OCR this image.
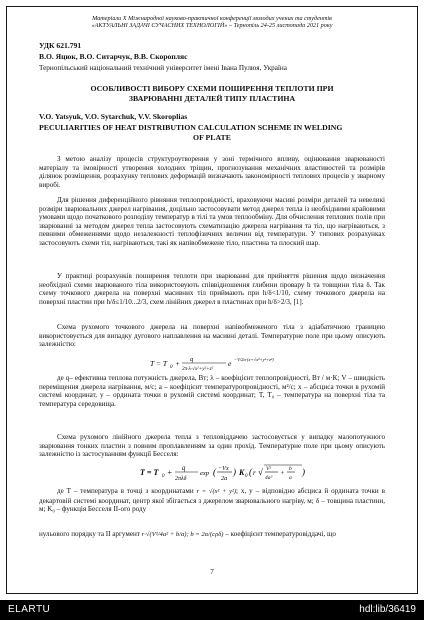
Матеріали Х Міжнародної науково-практичної конференції молодих учених та студентів
«АКТУАЛЬНІ ЗАДАЧІ СУЧАСНИХ ТЕХНОЛОГІЙ» – Тернопіль 24-25 листопада 2021 року
УДК 621.791
В.О. Яцюк, В.О. Ситарчук, В.В. Скоропляс
Тернопільський національний технічний університет імені Івана Пулюя, Україна
ОСОБЛИВОСТІ ВИБОРУ СХЕМИ ПОШИРЕННЯ ТЕПЛОТИ ПРИ
ЗВАРЮВАННІ ДЕТАЛЕЙ ТИПУ ПЛАСТИНА
V.O. Yatsyuk, V.O. Sytarchuk, V.V. Skoroplias
PECULIARITIES OF HEAT DISTRIBUTION CALCULATION SCHEME IN WELDING
OF PLATE
З метою аналізу процесів структуроутворення у зоні термічного впливу, оцінювання зварюваності матеріалу та імовірності утворення холодних тріщин, прогнозування механічних властивостей та розмірів ділянок розміщення, розрахунку теплових деформацій визначають закономірності теплових процесів у зварному виробі.
Для рішення диференційного рівняння теплопровідності, враховуючи масиві розміри деталей та невеликі розміри зварювальних джерел нагрівання, доцільно застосовувати метод джерел тепла із необхідними крайовими умовами щодо початкового розподілу температур в тілі та умов теплообміну. Для обчислення теплових полів при зварюванні за методом джерел тепла застосовують схематизацію джерела нагрівання та тіл, що нагріваються, з певними обмеженнями щодо незалежності теплофізичних величин від температури. У типових розрахунках застосовують схеми тіл, нагріваються, такі як напівобмежене тіло, пластина та плоский шар.
У практиці розрахунків поширення теплоти при зварюванні для прийняття рішення щодо визначення необхідної схеми зварюваного тіла використовують співвідношення глибини провару h та товщини тіла δ. Так схему точкового джерела на поверхні масивних тіл приймають при h/δ<1/10, схему точкового джерела на поверхні пластин при h/δ≤1/10...2/3, схем лінійних джерел в пластинах при h/δ>2/3, [1].
Схема рухомого точкового джерела на поверхні напівобмеженого тіла з адіабатичною границею використовується для випадку дугового наплавлення на масивні деталі. Температурне поле при цьому описують залежністю:
T = T 0 + q
2π·λ·√x²+y²+z²
e −V/2a·(x+√x²+y²+z²)
де q– ефективна теплова потужність джерела, Вт; λ – коефіцієнт теплопровідності, Вт / м·К; V – швидкість переміщення джерела нагрівання, м/с; a – коефіцієнт температуропровідності, м²/с; x – абсциса точки в рухомій системі координат, y – ордината точки в рухомій системі координат; T, T₀ – температура на поверхні тіла та температура середовища.
Схема рухомого лінійного джерела тепла з тепловіддачею застосовується у випадку малопотужного зварювання тонких пластин з повним проплавленням за один прохід. Температурне поле при цьому описують залежністю із застосуванням функції Бесселя:
T = T 0 + q
2πλδ
exp ( −Vx
2a
) K 0 ( r √ V²
4a²
+
b
a
)
де T – температура в точці з координатами r = √(x² + y²); x, y – відповідно абсциса й ордината точки в декартовій системі координат, центр якої збігається з джерелом зварювального нагріву, м; δ – товщина пластини, м; K₀ – функція Бесселя ІІ-ого роду
нульового порядку та ІІ аргумент r·√(V²/4a² + b/a); b = 2α/(cρδ) – коефіцієнт температуровіддачі, що
7
ELARTU	hdl:lib/36419
